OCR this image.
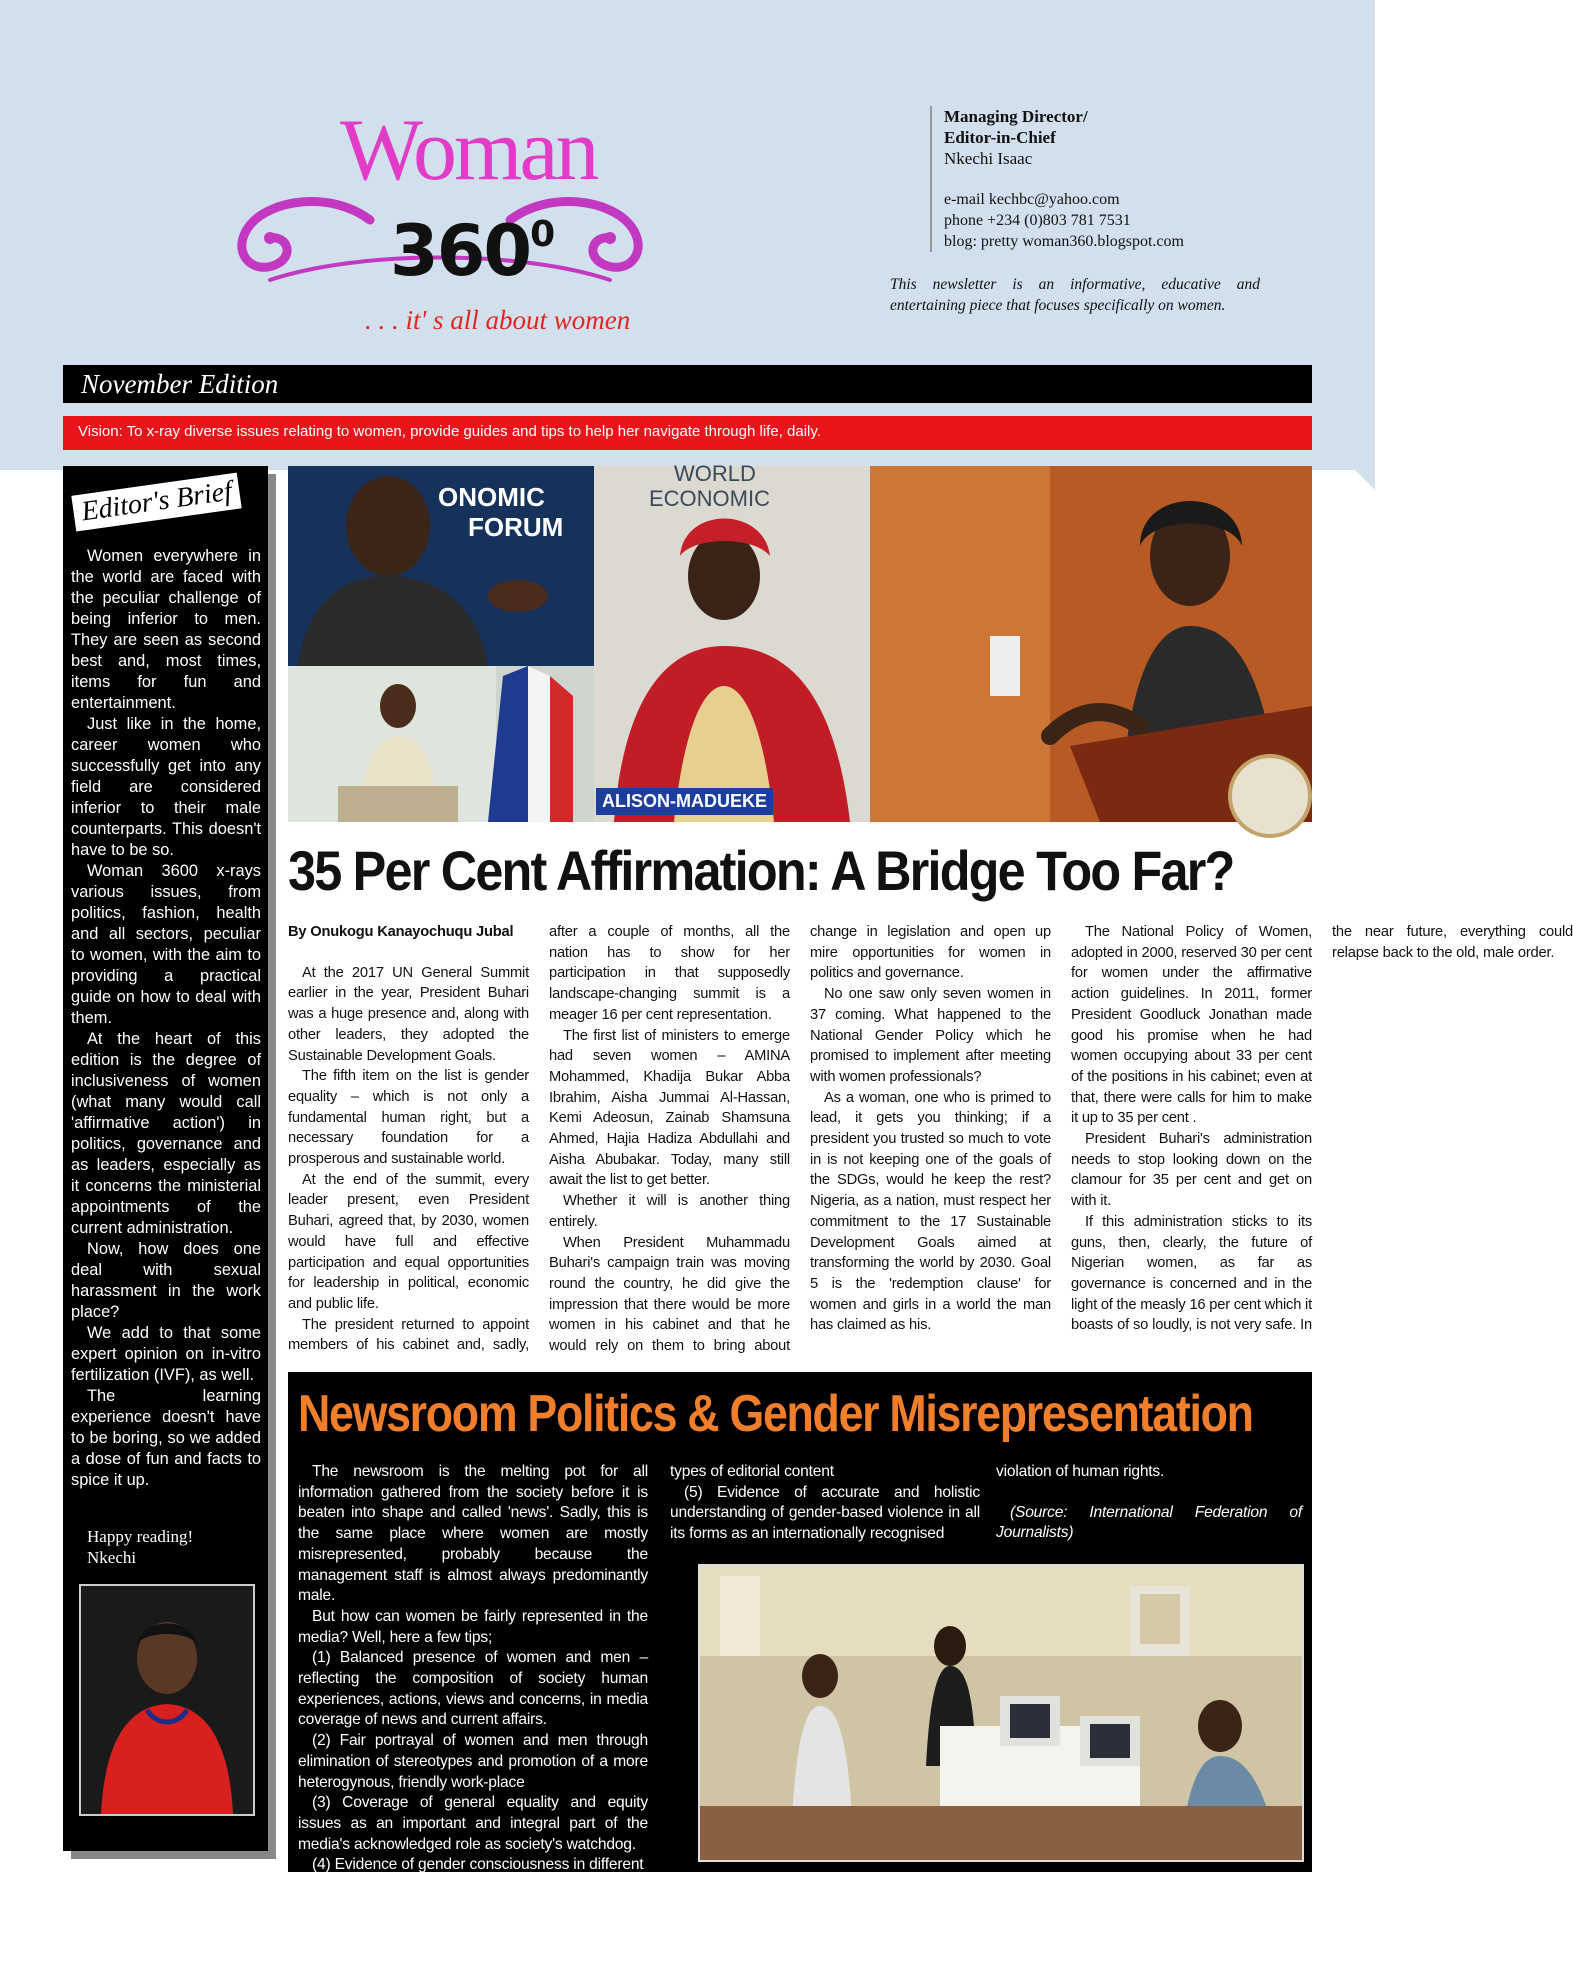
Woman
$360^0$
. . . it' s all about women
Managing Director/
Editor-in-Chief
Nkechi Isaac
e-mail kechbc@yahoo.com
phone +234 (0)803 781 7531
blog: pretty woman360.blogspot.com
This newsletter is an informative, educative and entertaining piece that focuses specifically on women.
November Edition
Vision: To x-ray diverse issues relating to women, provide guides and tips to help her navigate through life, daily.
Editor's Brief

Women everywhere in the world are faced with the peculiar challenge of being inferior to men. They are seen as second best and, most times, items for fun and entertainment.

Just like in the home, career women who successfully get into any field are considered inferior to their male counterparts. This doesn't have to be so.

Woman 3600 x-rays various issues, from politics, fashion, health and all sectors, peculiar to women, with the aim to providing a practical guide on how to deal with them.

At the heart of this edition is the degree of inclusiveness of women (what many would call 'affirmative action') in politics, governance and as leaders, especially as it concerns the ministerial appointments of the current administration.

Now, how does one deal with sexual harassment in the work place?

We add to that some expert opinion on in-vitro fertilization (IVF), as well.

The learning experience doesn't have to be boring, so we added a dose of fun and facts to spice it up.

Happy reading!
Nkechi
ONOMIC
FORUM
WORLD
ECONOMIC
ALISON-MADUEKE
35 Per Cent Affirmation: A Bridge Too Far?

By Onukogu Kanayochuqu Jubal

At the 2017 UN General Summit earlier in the year, President Buhari was a huge presence and, along with other leaders, they adopted the Sustainable Development Goals.

The fifth item on the list is gender equality – which is not only a fundamental human right, but a necessary foundation for a prosperous and sustainable world.

At the end of the summit, every leader present, even President Buhari, agreed that, by 2030, women would have full and effective participation and equal opportunities for leadership in political, economic and public life.

The president returned to appoint members of his cabinet and, sadly, after a couple of months, all the nation has to show for her participation in that supposedly landscape-changing summit is a meager 16 per cent representation.

The first list of ministers to emerge had seven women – AMINA Mohammed, Khadija Bukar Abba Ibrahim, Aisha Jummai Al-Hassan, Kemi Adeosun, Zainab Shamsuna Ahmed, Hajia Hadiza Abdullahi and Aisha Abubakar. Today, many still await the list to get better.

Whether it will is another thing entirely.

When President Muhammadu Buhari's campaign train was moving round the country, he did give the impression that there would be more women in his cabinet and that he would rely on them to bring about change in legislation and open up mire opportunities for women in politics and governance.

No one saw only seven women in 37 coming. What happened to the National Gender Policy which he promised to implement after meeting with women professionals?

As a woman, one who is primed to lead, it gets you thinking; if a president you trusted so much to vote in is not keeping one of the goals of the SDGs, would he keep the rest? Nigeria, as a nation, must respect her commitment to the 17 Sustainable Development Goals aimed at transforming the world by 2030. Goal 5 is the 'redemption clause' for women and girls in a world the man has claimed as his.

The National Policy of Women, adopted in 2000, reserved 30 per cent for women under the affirmative action guidelines. In 2011, former President Goodluck Jonathan made good his promise when he had women occupying about 33 per cent of the positions in his cabinet; even at that, there were calls for him to make it up to 35 per cent .

President Buhari's administration needs to stop looking down on the clamour for 35 per cent and get on with it.

If this administration sticks to its guns, then, clearly, the future of Nigerian women, as far as governance is concerned and in the light of the measly 16 per cent which it boasts of so loudly, is not very safe. In the near future, everything could relapse back to the old, male order.

Newsroom Politics & Gender Misrepresentation

The newsroom is the melting pot for all information gathered from the society before it is beaten into shape and called 'news'. Sadly, this is the same place where women are mostly misrepresented, probably because the management staff is almost always predominantly male.

But how can women be fairly represented in the media? Well, here a few tips;

(1) Balanced presence of women and men – reflecting the composition of society human experiences, actions, views and concerns, in media coverage of news and current affairs.

(2) Fair portrayal of women and men through elimination of stereotypes and promotion of a more heterogynous, friendly work-place

(3) Coverage of general equality and equity issues as an important and integral part of the media's acknowledged role as society's watchdog.

(4) Evidence of gender consciousness in different

types of editorial content

(5) Evidence of accurate and holistic understanding of gender-based violence in all its forms as an internationally recognised

violation of human rights.

(Source: International Federation of Journalists)
